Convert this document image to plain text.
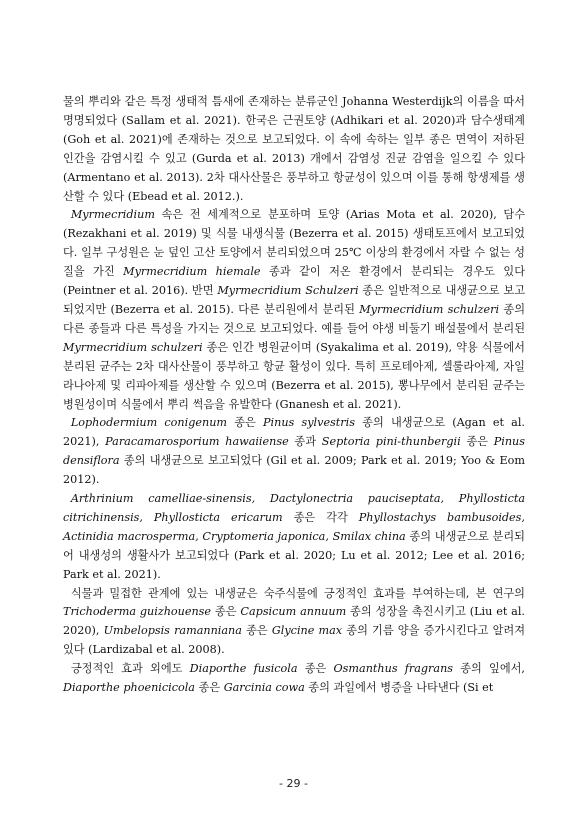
물의 뿌리와 같은 특정 생태적 틈새에 존재하는 분류군인 Johanna Westerdijk의 이름을 따서 명명되었다 (Sallam et al. 2021). 한국은 근권토양 (Adhikari et al. 2020)과 담수생태계 (Goh et al. 2021)에 존재하는 것으로 보고되었다. 이 속에 속하는 일부 종은 면역이 저하된 인간을 감염시킬 수 있고 (Gurda et al. 2013) 개에서 감염성 진균 감염을 일으킬 수 있다 (Armentano et al. 2013). 2차 대사산물은 풍부하고 항균성이 있으며 이를 통해 항생제를 생산할 수 있다 (Ebead et al. 2012.).

Myrmecridium 속은 전 세계적으로 분포하며 토양 (Arias Mota et al. 2020), 담수 (Rezakhani et al. 2019) 및 식물 내생식물 (Bezerra et al. 2015) 생태토프에서 보고되었다. 일부 구성원은 눈 덮인 고산 토양에서 분리되었으며 25℃ 이상의 환경에서 자랄 수 없는 성질을 가진 Myrmecridium hiemale 종과 같이 저온 환경에서 분리되는 경우도 있다 (Peintner et al. 2016). 반면 Myrmecridium Schulzeri 종은 일반적으로 내생균으로 보고되었지만 (Bezerra et al. 2015). 다른 분리원에서 분리된 Myrmecridium schulzeri 종의 다른 종들과 다른 특성을 가지는 것으로 보고되었다. 예를 들어 야생 비둘기 배설물에서 분리된 Myrmecridium schulzeri 종은 인간 병원균이며 (Syakalima et al. 2019), 약용 식물에서 분리된 균주는 2차 대사산물이 풍부하고 항균 활성이 있다. 특히 프로테아제, 셀룰라아제, 자일라나아제 및 리파아제를 생산할 수 있으며 (Bezerra et al. 2015), 뽕나무에서 분리된 균주는 병원성이며 식물에서 뿌리 썩음을 유발한다 (Gnanesh et al. 2021).

Lophodermium conigenum 종은 Pinus sylvestris 종의 내생균으로 (Agan et al. 2021), Paracamarosporium hawaiiense 종과 Septoria pini-thunbergii 종은 Pinus densiflora 종의 내생균으로 보고되었다 (Gil et al. 2009; Park et al. 2019; Yoo & Eom 2012).

Arthrinium camelliae-sinensis, Dactylonectria pauciseptata, Phyllosticta citrichinensis, Phyllosticta ericarum 종은 각각 Phyllostachys bambusoides, Actinidia macrosperma, Cryptomeria japonica, Smilax china 종의 내생균으로 분리되어 내생성의 생활사가 보고되었다 (Park et al. 2020; Lu et al. 2012; Lee et al. 2016; Park et al. 2021).

식물과 밀접한 관계에 있는 내생균은 숙주식물에 긍정적인 효과를 부여하는데, 본 연구의 Trichoderma guizhouense 종은 Capsicum annuum 종의 성장을 촉진시키고 (Liu et al. 2020), Umbelopsis ramanniana 종은 Glycine max 종의 기름 양을 증가시킨다고 알려져있다 (Lardizabal et al. 2008).

긍정적인 효과 외에도 Diaporthe fusicola 종은 Osmanthus fragrans 종의 잎에서, Diaporthe phoenicicola 종은 Garcinia cowa 종의 과일에서 병증을 나타낸다 (Si et

- 29 -
